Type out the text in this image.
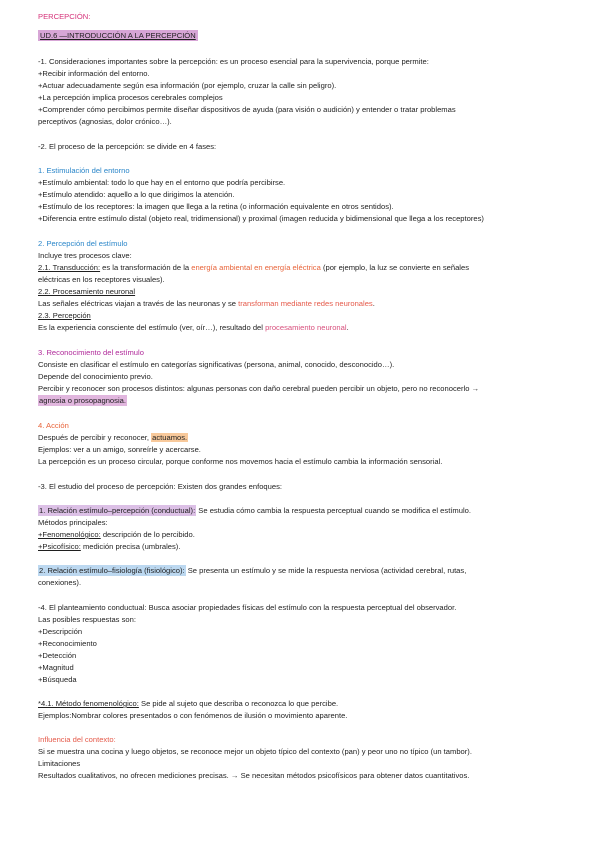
PERCEPCIÓN:
UD.6 —INTRODUCCIÓN A LA PERCEPCIÓN
-1. Consideraciones importantes sobre la percepción: es un proceso esencial para la supervivencia, porque permite:
+Recibir información del entorno.
+Actuar adecuadamente según esa información (por ejemplo, cruzar la calle sin peligro).
+La percepción implica procesos cerebrales complejos
+Comprender cómo percibimos permite diseñar dispositivos de ayuda (para visión o audición) y entender o tratar problemas
perceptivos (agnosias, dolor crónico…).
-2. El proceso de la percepción: se divide en 4 fases:
1. Estimulación del entorno
+Estímulo ambiental: todo lo que hay en el entorno que podría percibirse.
+Estímulo atendido: aquello a lo que dirigimos la atención.
+Estímulo de los receptores: la imagen que llega a la retina (o información equivalente en otros sentidos).
+Diferencia entre estímulo distal (objeto real, tridimensional) y proximal (imagen reducida y bidimensional que llega a los receptores)
2. Percepción del estímulo
Incluye tres procesos clave:
2.1. Transducción: es la transformación de la energía ambiental en energía eléctrica (por ejemplo, la luz se convierte en señales
eléctricas en los receptores visuales).
2.2. Procesamiento neuronal
Las señales eléctricas viajan a través de las neuronas y se transforman mediante redes neuronales.
2.3. Percepción
Es la experiencia consciente del estímulo (ver, oír…), resultado del procesamiento neuronal.
3. Reconocimiento del estímulo
Consiste en clasificar el estímulo en categorías significativas (persona, animal, conocido, desconocido…).
Depende del conocimiento previo.
Percibir y reconocer son procesos distintos: algunas personas con daño cerebral pueden percibir un objeto, pero no reconocerlo →
agnosia o prosopagnosia.
4. Acción
Después de percibir y reconocer, actuamos.
Ejemplos: ver a un amigo, sonreírle y acercarse.
La percepción es un proceso circular, porque conforme nos movemos hacia el estímulo cambia la información sensorial.
-3. El estudio del proceso de percepción: Existen dos grandes enfoques:
1. Relación estímulo–percepción (conductual): Se estudia cómo cambia la respuesta perceptual cuando se modifica el estímulo.
Métodos principales:
+Fenomenológico: descripción de lo percibido.
+Psicofísico: medición precisa (umbrales).
2. Relación estímulo–fisiología (fisiológico): Se presenta un estímulo y se mide la respuesta nerviosa (actividad cerebral, rutas,
conexiones).
-4. El planteamiento conductual: Busca asociar propiedades físicas del estímulo con la respuesta perceptual del observador.
Las posibles respuestas son:
+Descripción
+Reconocimiento
+Detección
+Magnitud
+Búsqueda
*4.1. Método fenomenológico: Se pide al sujeto que describa o reconozca lo que percibe.
Ejemplos:Nombrar colores presentados o con fenómenos de ilusión o movimiento aparente.
Influencia del contexto:
Si se muestra una cocina y luego objetos, se reconoce mejor un objeto típico del contexto (pan) y peor uno no típico (un tambor).
Limitaciones
Resultados cualitativos, no ofrecen mediciones precisas. → Se necesitan métodos psicofísicos para obtener datos cuantitativos.
